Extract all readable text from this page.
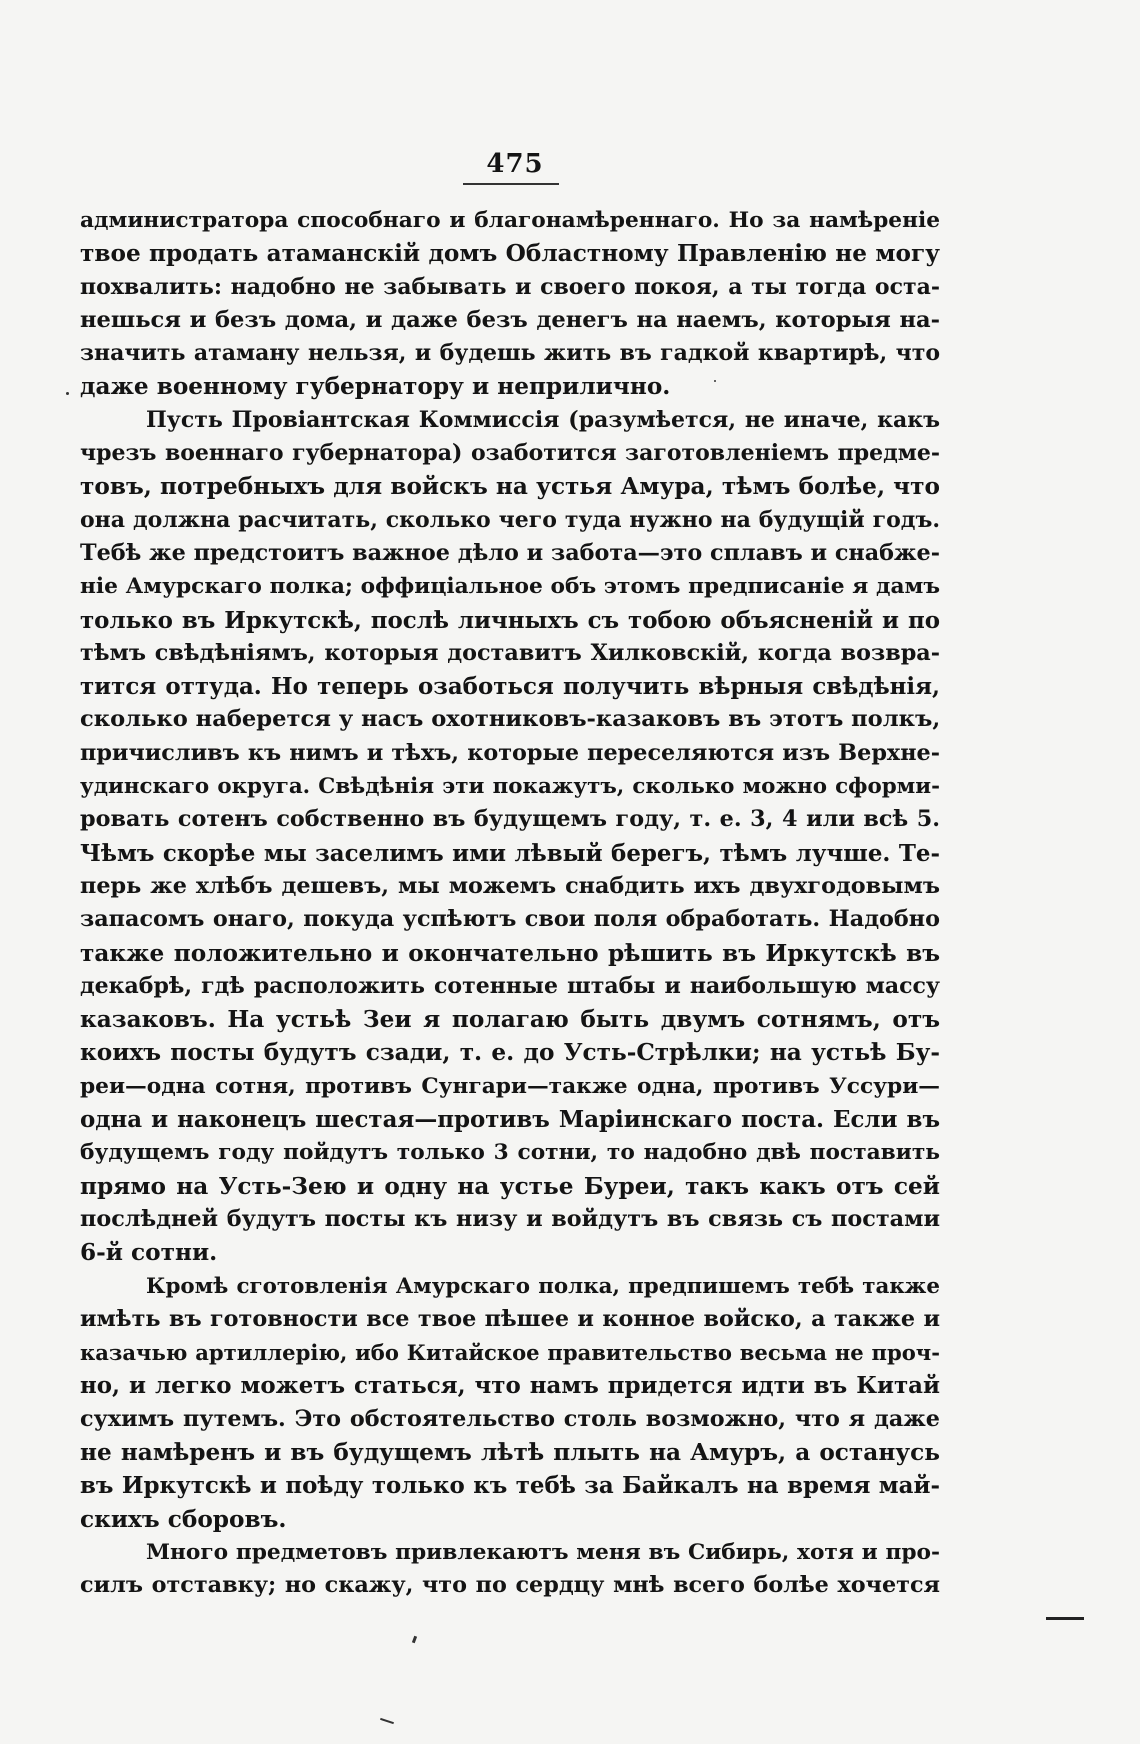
475
администратора способнаго и благонамѣреннаго. Но за намѣреніе
твое продать атаманскій домъ Областному Правленію не могу
похвалить: надобно не забывать и своего покоя, а ты тогда оста-
нешься и безъ дома, и даже безъ денегъ на наемъ, которыя на-
значить атаману нельзя, и будешь жить въ гадкой квартирѣ, что
даже военному губернатору и неприлично.
Пусть Провіантская Коммиссія (разумѣется, не иначе, какъ
чрезъ военнаго губернатора) озаботится заготовленіемъ предме-
товъ, потребныхъ для войскъ на устья Амура, тѣмъ болѣе, что
она должна расчитать, сколько чего туда нужно на будущій годъ.
Тебѣ же предстоитъ важное дѣло и забота—это сплавъ и снабже-
ніе Амурскаго полка; оффиціальное объ этомъ предписаніе я дамъ
только въ Иркутскѣ, послѣ личныхъ съ тобою объясненій и по
тѣмъ свѣдѣніямъ, которыя доставитъ Хилковскій, когда возвра-
тится оттуда. Но теперь озаботься получить вѣрныя свѣдѣнія,
сколько наберется у насъ охотниковъ-казаковъ въ этотъ полкъ,
причисливъ къ нимъ и тѣхъ, которые переселяются изъ Верхне-
удинскаго округа. Свѣдѣнія эти покажутъ, сколько можно сформи-
ровать сотенъ собственно въ будущемъ году, т. е. 3, 4 или всѣ 5.
Чѣмъ скорѣе мы заселимъ ими лѣвый берегъ, тѣмъ лучше. Те-
перь же хлѣбъ дешевъ, мы можемъ снабдить ихъ двухгодовымъ
запасомъ онаго, покуда успѣютъ свои поля обработать. Надобно
также положительно и окончательно рѣшить въ Иркутскѣ въ
декабрѣ, гдѣ расположить сотенные штабы и наибольшую массу
казаковъ. На устьѣ Зеи я полагаю быть двумъ сотнямъ, отъ
коихъ посты будутъ сзади, т. е. до Усть-Стрѣлки; на устьѣ Бу-
реи—одна сотня, противъ Сунгари—также одна, противъ Уссури—
одна и наконецъ шестая—противъ Маріинскаго поста. Если въ
будущемъ году пойдутъ только 3 сотни, то надобно двѣ поставить
прямо на Усть-Зею и одну на устье Буреи, такъ какъ отъ сей
послѣдней будутъ посты къ низу и войдутъ въ связь съ постами
6-й сотни.
Кромѣ сготовленія Амурскаго полка, предпишемъ тебѣ также
имѣть въ готовности все твое пѣшее и конное войско, а также и
казачью артиллерію, ибо Китайское правительство весьма не проч-
но, и легко можетъ статься, что намъ придется идти въ Китай
сухимъ путемъ. Это обстоятельство столь возможно, что я даже
не намѣренъ и въ будущемъ лѣтѣ плыть на Амуръ, а останусь
въ Иркутскѣ и поѣду только къ тебѣ за Байкалъ на время май-
скихъ сборовъ.
Много предметовъ привлекаютъ меня въ Сибирь, хотя и про-
силъ отставку; но скажу, что по сердцу мнѣ всего болѣе хочется
